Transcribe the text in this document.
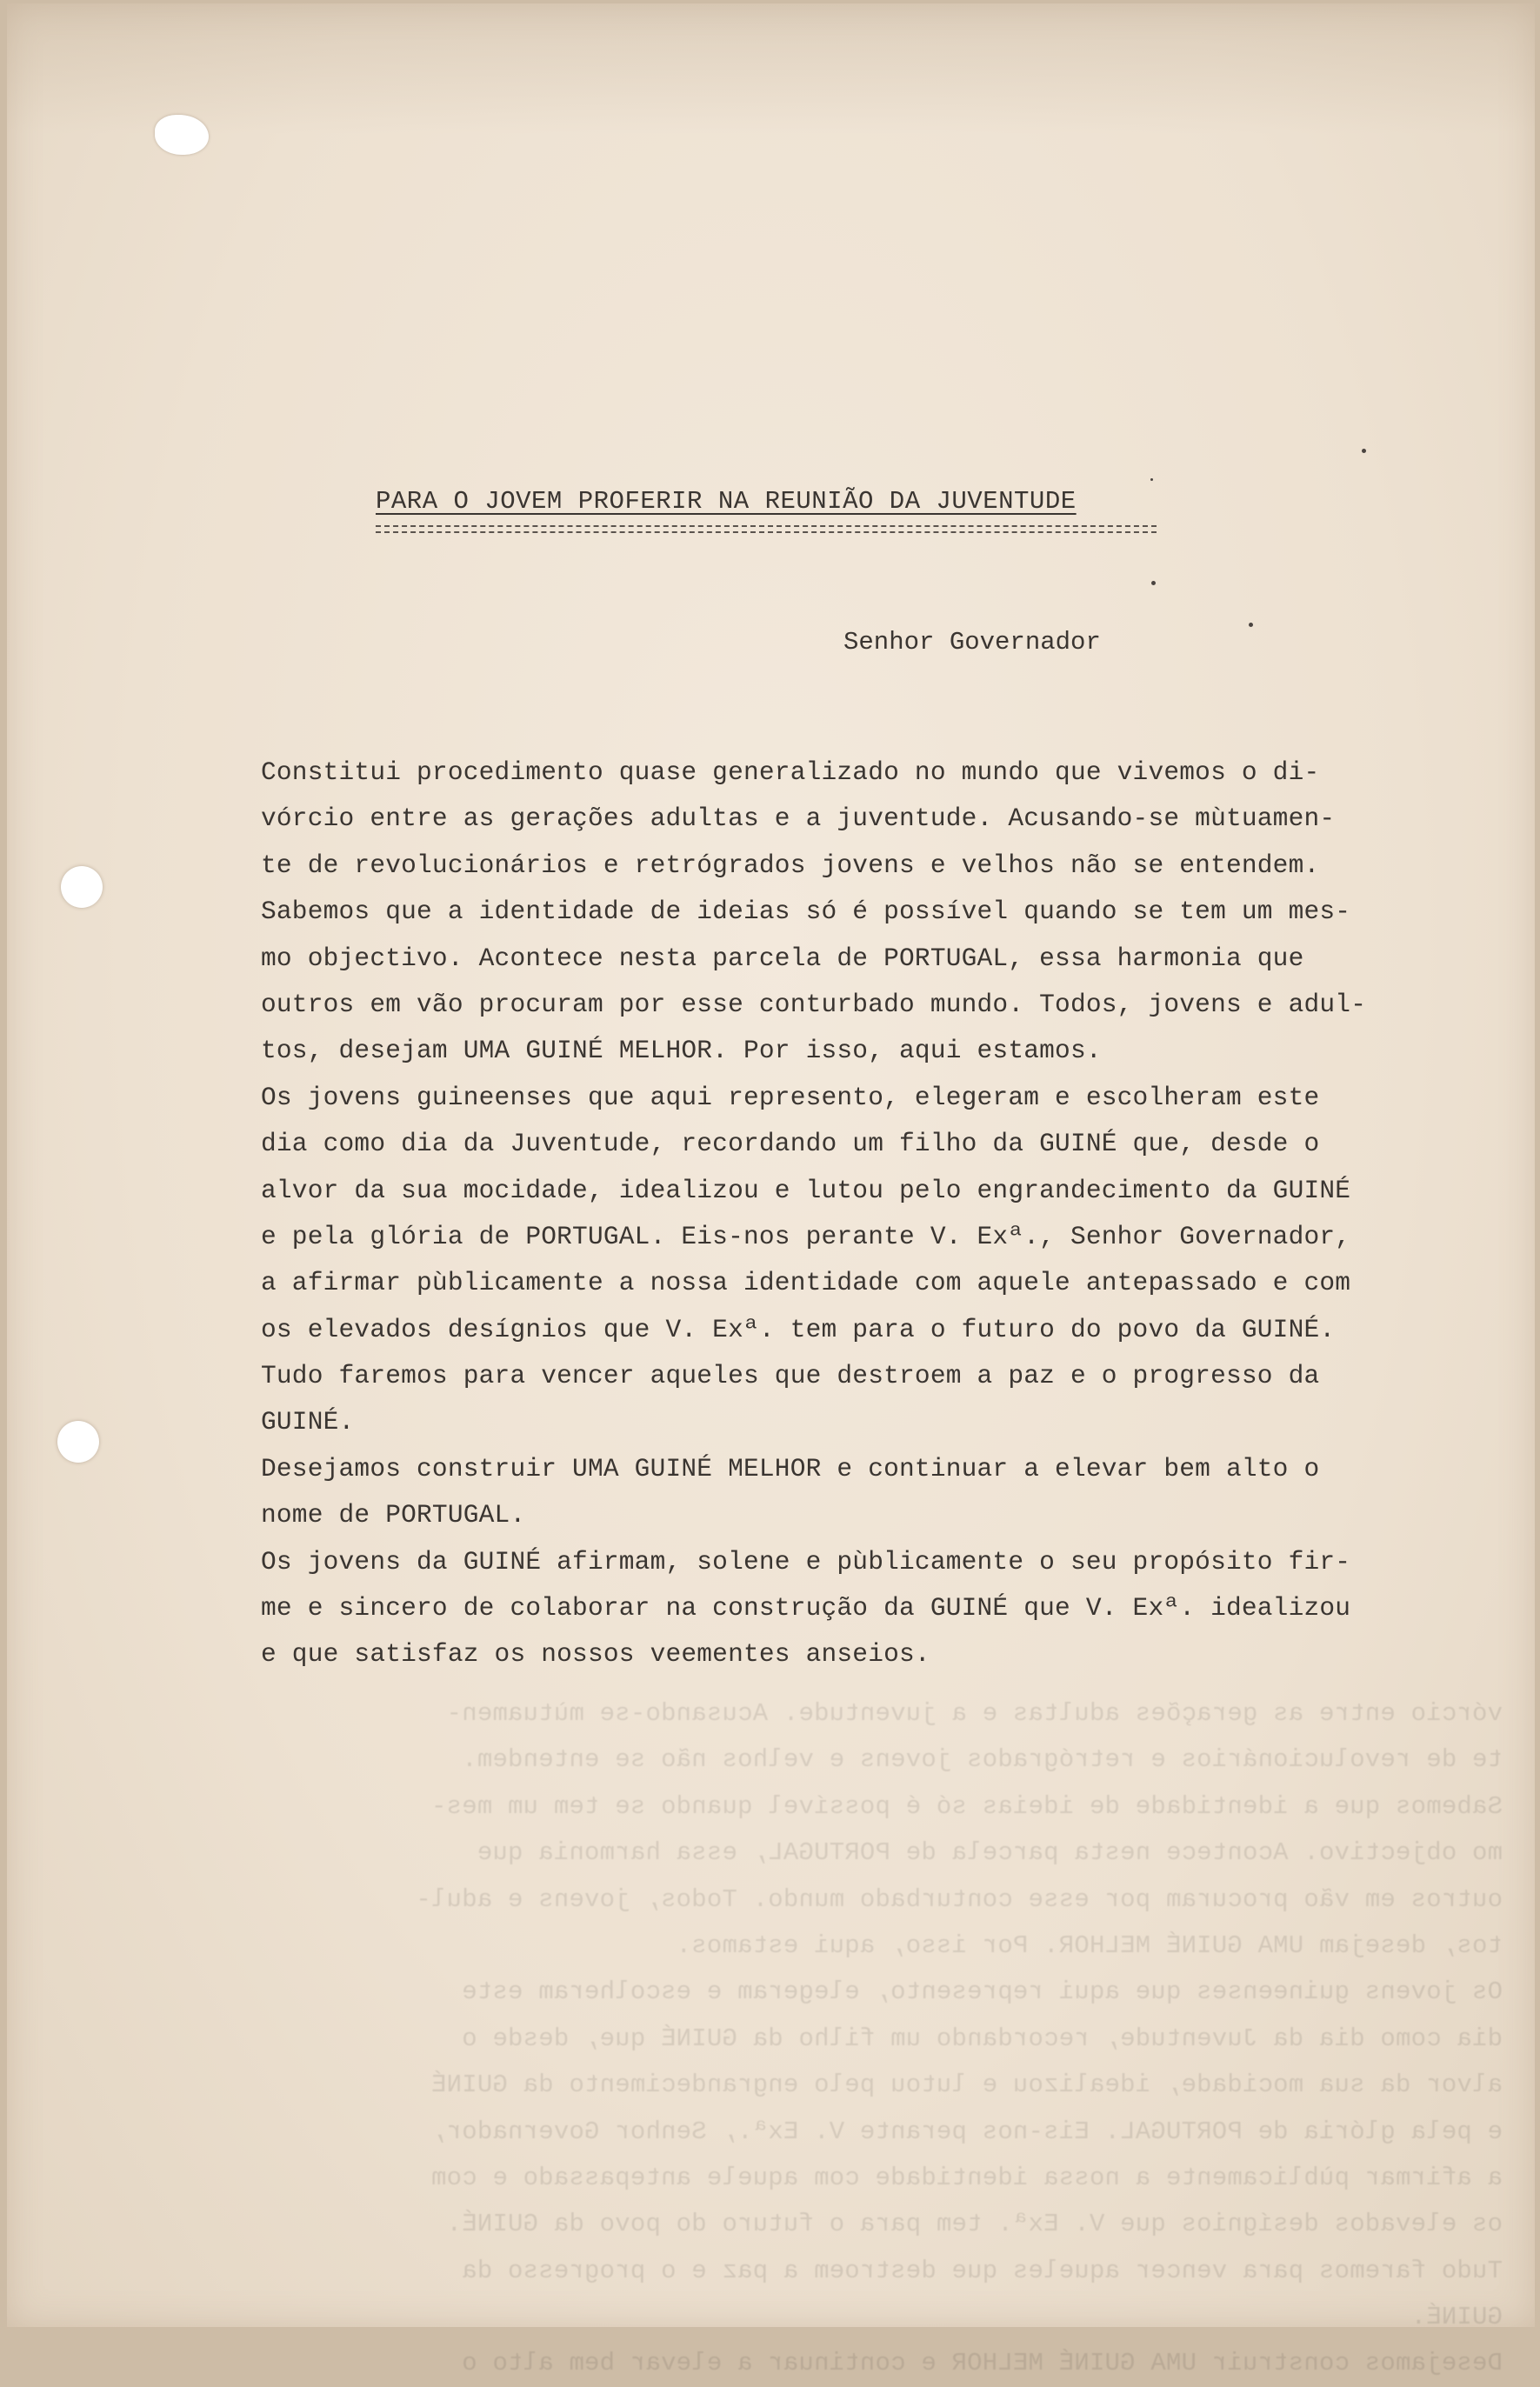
PARA O JOVEM PROFERIR NA REUNIÃO DA JUVENTUDE
Senhor Governador
Constitui procedimento quase generalizado no mundo que vivemos o di-
vórcio entre as gerações adultas e a juventude. Acusando-se mùtuamen-
te de revolucionários e retrógrados jovens e velhos não se entendem.
Sabemos que a identidade de ideias só é possível quando se tem um mes-
mo objectivo. Acontece nesta parcela de PORTUGAL, essa harmonia que
outros em vão procuram por esse conturbado mundo. Todos, jovens e adul-
tos, desejam UMA GUINÉ MELHOR. Por isso, aqui estamos.
Os jovens guineenses que aqui represento, elegeram e escolheram este
dia como dia da Juventude, recordando um filho da GUINÉ que, desde o
alvor da sua mocidade, idealizou e lutou pelo engrandecimento da GUINÉ
e pela glória de PORTUGAL. Eis-nos perante V. Exª., Senhor Governador,
a afirmar pùblicamente a nossa identidade com aquele antepassado e com
os elevados desígnios que V. Exª. tem para o futuro do povo da GUINÉ.
Tudo faremos para vencer aqueles que destroem a paz e o progresso da
GUINÉ.
Desejamos construir UMA GUINÉ MELHOR e continuar a elevar bem alto o
nome de PORTUGAL.
Os jovens da GUINÉ afirmam, solene e pùblicamente o seu propósito fir-
me e sincero de colaborar na construção da GUINÉ que V. Exª. idealizou
e que satisfaz os nossos veementes anseios.
vórcio entre as gerações adultas e a juventude. Acusando-se mùtuamen-
te de revolucionários e retrógrados jovens e velhos não se entendem.
Sabemos que a identidade de ideias só é possível quando se tem um mes-
mo objectivo. Acontece nesta parcela de PORTUGAL, essa harmonia que
outros em vão procuram por esse conturbado mundo. Todos, jovens e adul-
tos, desejam UMA GUINÉ MELHOR. Por isso, aqui estamos.
Os jovens guineenses que aqui represento, elegeram e escolheram este
dia como dia da Juventude, recordando um filho da GUINÉ que, desde o
alvor da sua mocidade, idealizou e lutou pelo engrandecimento da GUINÉ
e pela glória de PORTUGAL. Eis-nos perante V. Exª., Senhor Governador,
a afirmar pùblicamente a nossa identidade com aquele antepassado e com
os elevados desígnios que V. Exª. tem para o futuro do povo da GUINÉ.
Tudo faremos para vencer aqueles que destroem a paz e o progresso da
GUINÉ.
Desejamos construir UMA GUINÉ MELHOR e continuar a elevar bem alto o
